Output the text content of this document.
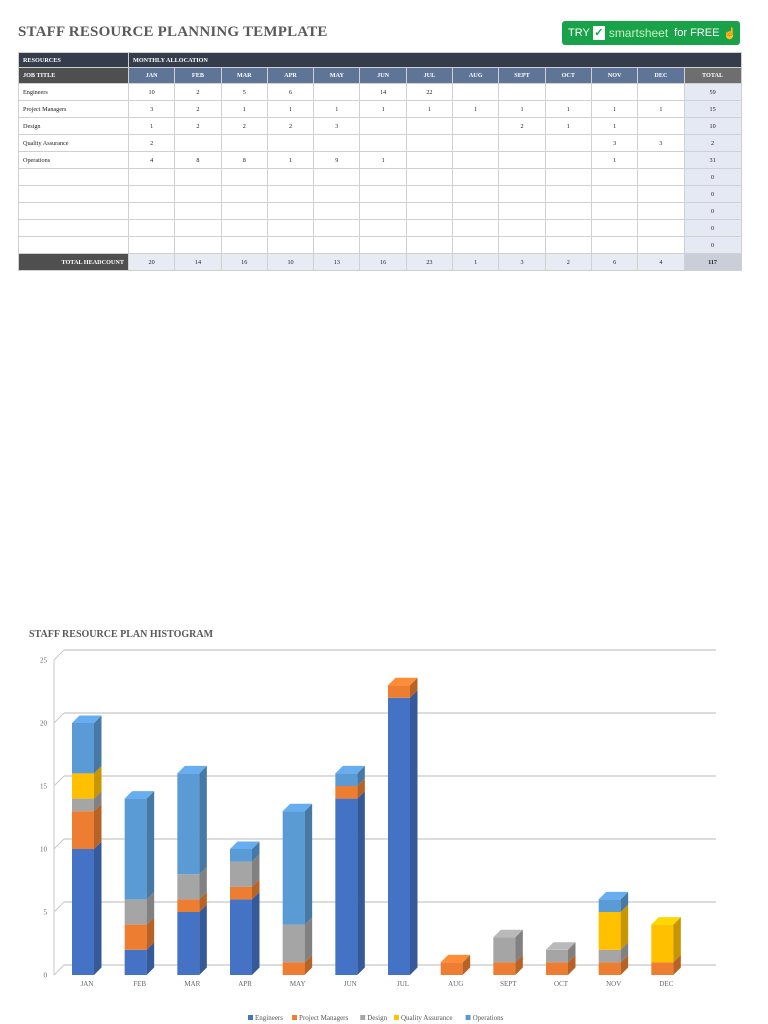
STAFF RESOURCE PLANNING TEMPLATE	TRY ✓ smartsheet for FREE ☝
RESOURCES	MONTHLY ALLOCATION												
JOB TITLE	JAN	FEB	MAR	APR	MAY	JUN	JUL	AUG	SEPT	OCT	NOV	DEC	TOTAL
Engineers	10	2	5	6		14	22						59
Project Managers	3	2	1	1	1	1	1	1	1	1	1	1	15
Design	1	2	2	2	3				2	1	1		10
Quality Assurance	2										3	3	2
Operations	4	8	8	1	9	1					1		31
													0
													0
													0
													0
													0
TOTAL HEADCOUNT	20	14	16	10	13	16	23	1	3	2	6	4	117
STAFF RESOURCE PLAN HISTOGRAM
0
5
10
15
20
25
JAN	FEB	MAR	APR	MAY	JUN	JUL	AUG	SEPT	OCT	NOV	DEC
Engineers Project Managers	Design Quality Assurance	Operations
